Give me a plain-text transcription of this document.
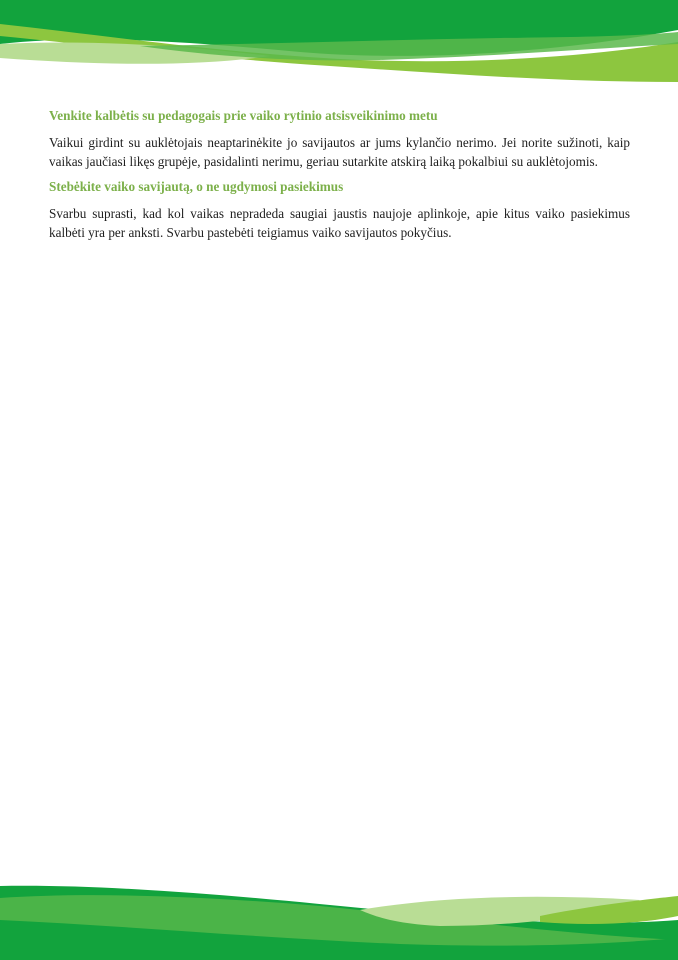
Venkite kalbėtis su pedagogais prie vaiko rytinio atsisveikinimo metu

Vaikui girdint su auklėtojais neaptarinėkite jo savijautos ar jums kylančio nerimo. Jei norite sužinoti, kaip vaikas jaučiasi likęs grupėje, pasidalinti nerimu, geriau sutarkite atskirą laiką pokalbiui su auklėtojomis.

Stebėkite vaiko savijautą, o ne ugdymosi pasiekimus

Svarbu suprasti, kad kol vaikas nepradeda saugiai jaustis naujoje aplinkoje, apie kitus vaiko pasiekimus kalbėti yra per anksti. Svarbu pastebėti teigiamus vaiko savijautos pokyčius.
